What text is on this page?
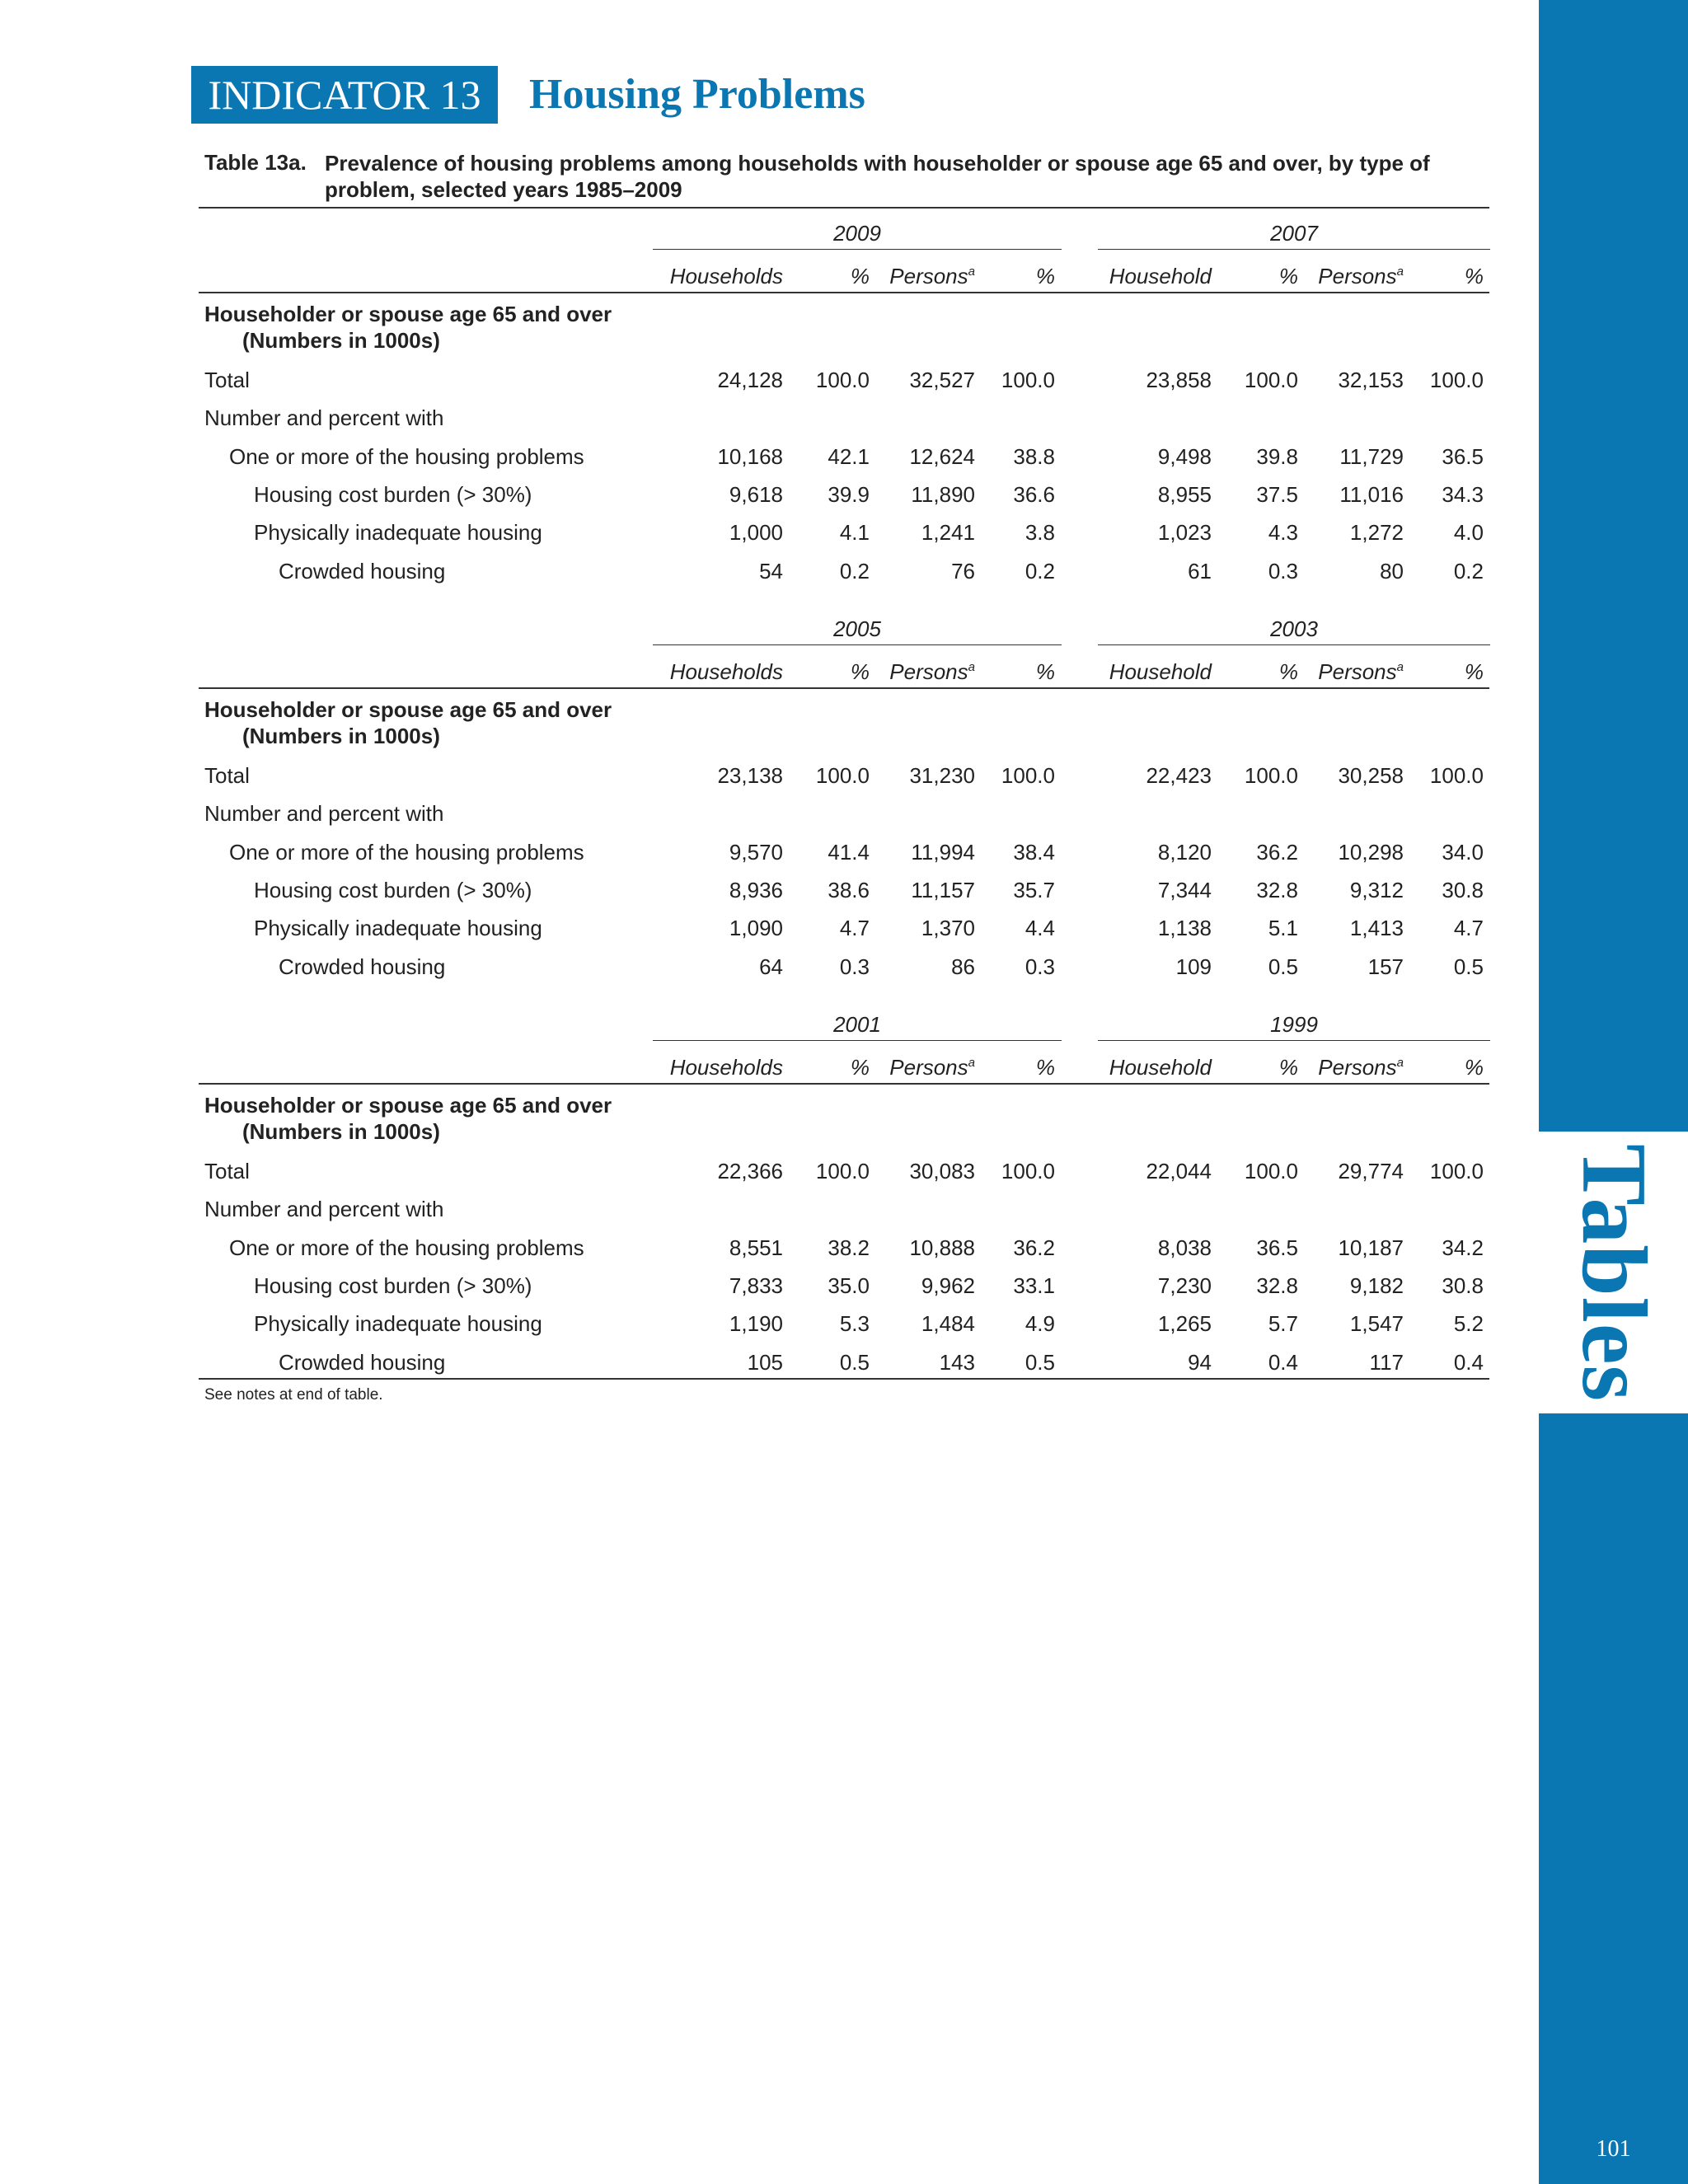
Tables
101
INDICATOR 13	Housing Problems
Table 13a. Prevalence of housing problems among households with householder or spouse age 65 and over, by type of problem, selected years 1985–2009
2009	2007
Households	% Persons$^a$	%	Household	% Persons$^a$	%
Householder or spouse age 65 and over
(Numbers in 1000s)
Total	24,128	100.0	32,527	100.0	23,858	100.0	32,153	100.0
Number and percent with
One or more of the housing problems	10,168	42.1	12,624	38.8	9,498	39.8	11,729	36.5
Housing cost burden (> 30%)	9,618	39.9	11,890	36.6	8,955	37.5	11,016	34.3
Physically inadequate housing	1,000	4.1	1,241	3.8	1,023	4.3	1,272	4.0
Crowded housing	54	0.2	76	0.2	61	0.3	80	0.2
2005	2003
Households	% Persons$^a$	%	Household	% Persons$^a$	%
Householder or spouse age 65 and over
(Numbers in 1000s)
Total	23,138	100.0	31,230	100.0	22,423	100.0	30,258	100.0
Number and percent with
One or more of the housing problems	9,570	41.4	11,994	38.4	8,120	36.2	10,298	34.0
Housing cost burden (> 30%)	8,936	38.6	11,157	35.7	7,344	32.8	9,312	30.8
Physically inadequate housing	1,090	4.7	1,370	4.4	1,138	5.1	1,413	4.7
Crowded housing	64	0.3	86	0.3	109	0.5	157	0.5
2001	1999
Households	% Persons$^a$	%	Household	% Persons$^a$	%
Householder or spouse age 65 and over
(Numbers in 1000s)
Total	22,366	100.0	30,083	100.0	22,044	100.0	29,774	100.0
Number and percent with
One or more of the housing problems	8,551	38.2	10,888	36.2	8,038	36.5	10,187	34.2
Housing cost burden (> 30%)	7,833	35.0	9,962	33.1	7,230	32.8	9,182	30.8
Physically inadequate housing	1,190	5.3	1,484	4.9	1,265	5.7	1,547	5.2
Crowded housing	105	0.5	143	0.5	94	0.4	117	0.4
See notes at end of table.
